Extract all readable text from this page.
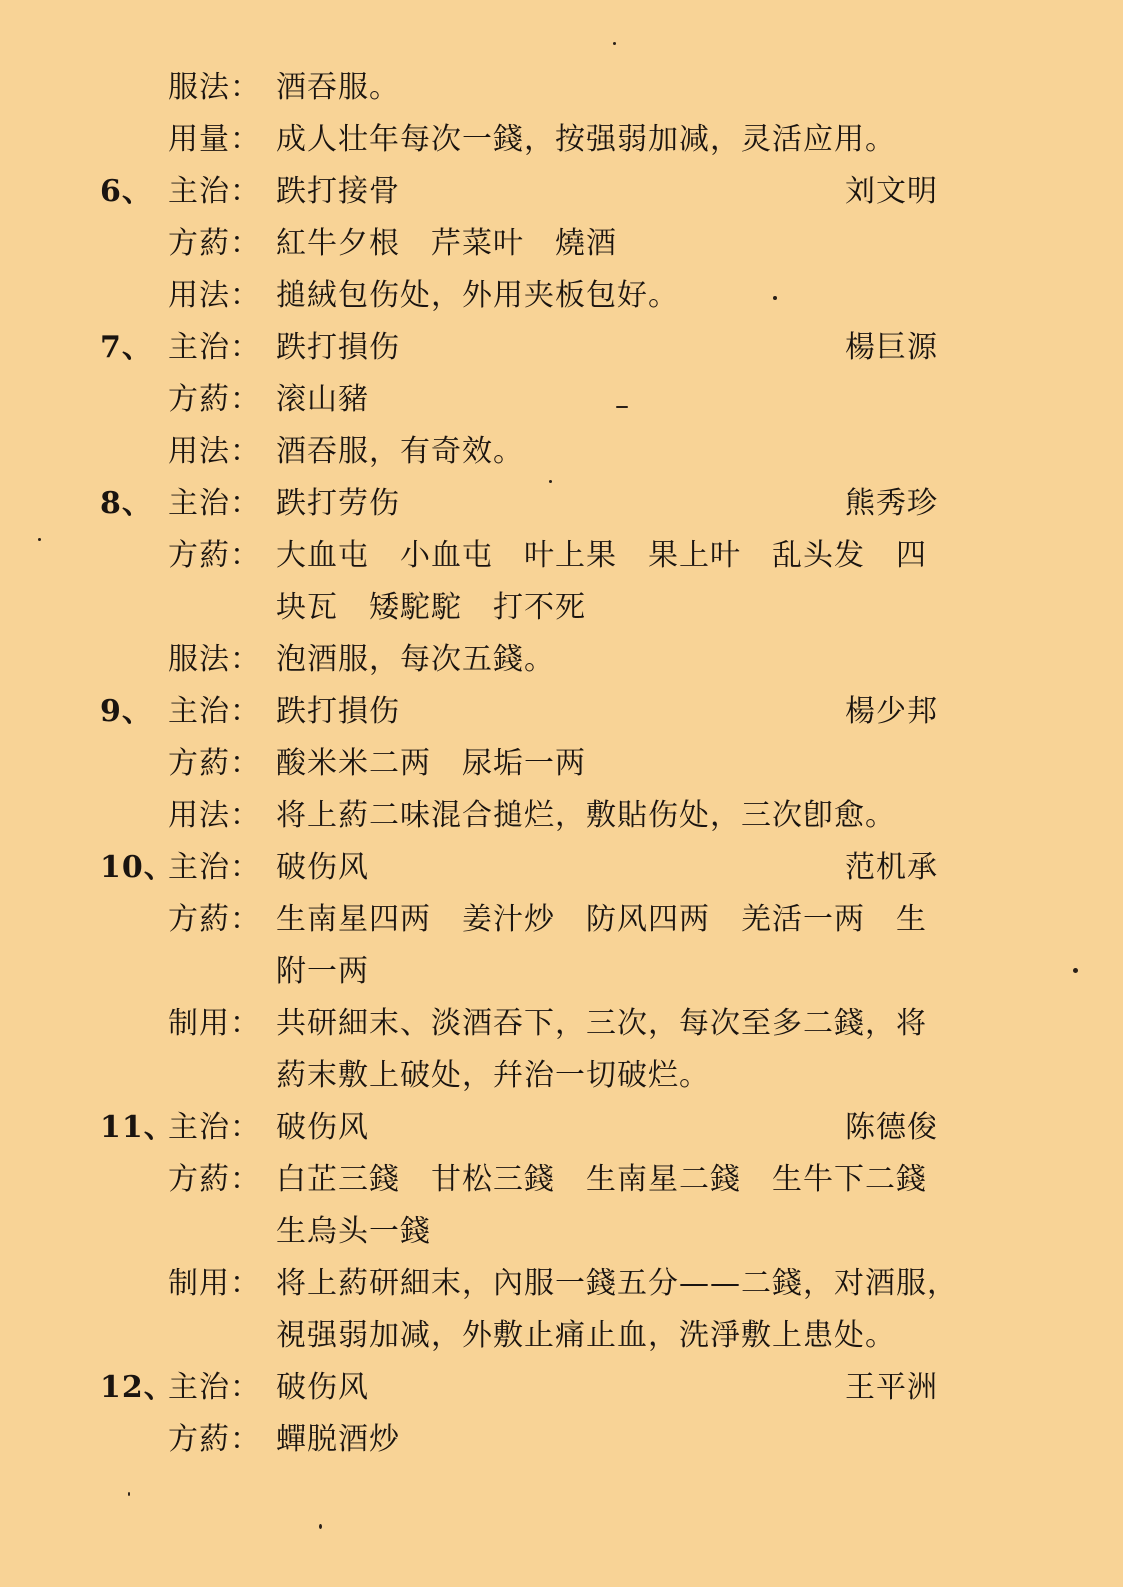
服法： 酒吞服。
用量： 成人壮年每次一錢，按强弱加减，灵活应用。
6、 主治： 跌打接骨	刘文明
方葯： 紅牛夕根　芹菜叶　燒酒
用法： 搥絨包伤处，外用夹板包好。
7、 主治： 跌打損伤	楊巨源
方葯： 滚山豬
用法： 酒吞服，有奇效。
8、 主治： 跌打劳伤	熊秀珍
方葯： 大血屯　小血屯　叶上果　果上叶　乱头发　四
块瓦　矮駝駝　打不死
服法： 泡酒服，每次五錢。
9、 主治： 跌打損伤	楊少邦
方葯： 酸米米二两　尿垢一两
用法： 将上葯二味混合搥烂，敷貼伤处，三次卽愈。
10、
主治： 破伤风	范机承
方葯： 生南星四两　姜汁炒　防风四两　羌活一两　生
附一两
制用： 共研細末、淡酒吞下，三次，每次至多二錢，将
葯末敷上破处，幷治一切破烂。
11、
主治： 破伤风	陈德俊
方葯： 白芷三錢　甘松三錢　生南星二錢　生牛下二錢
生烏头一錢
制用： 将上葯研細末，內服一錢五分——二錢，对酒服，
視强弱加减，外敷止痛止血，洗淨敷上患处。
12、
主治： 破伤风	王平洲
方葯： 蟬脱酒炒
